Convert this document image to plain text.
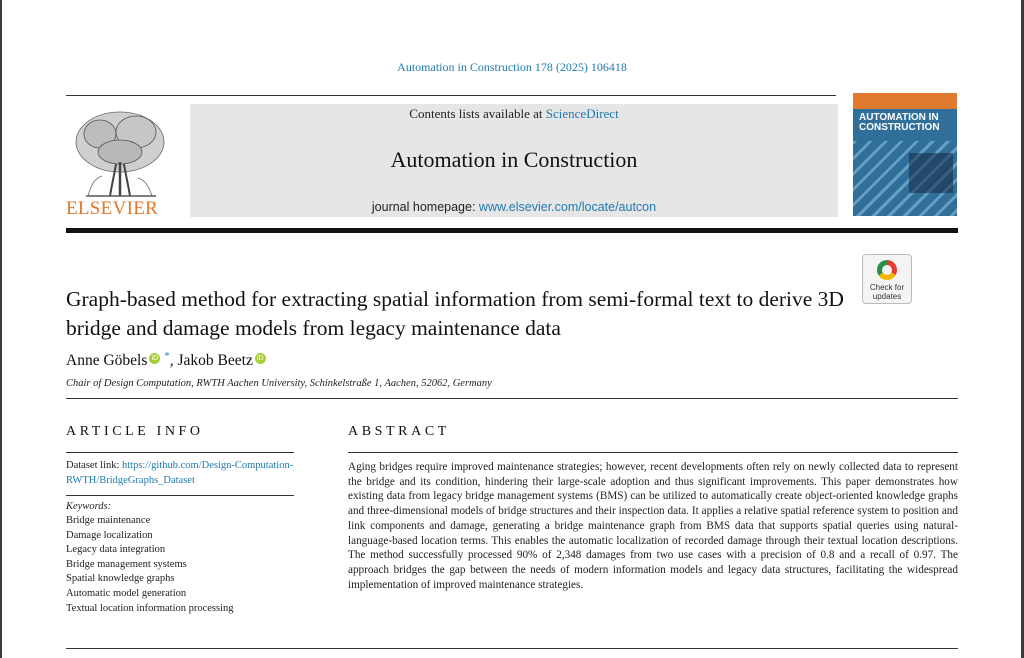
Automation in Construction 178 (2025) 106418
ELSEVIER
Contents lists available at ScienceDirect
Automation in Construction
journal homepage: www.elsevier.com/locate/autcon
AUTOMATION IN
CONSTRUCTION
Check for
updates
Graph-based method for extracting spatial information from semi-formal text to derive 3D bridge and damage models from legacy maintenance data
Anne Göbels iD *, Jakob Beetz iD
Chair of Design Computation, RWTH Aachen University, Schinkelstraße 1, Aachen, 52062, Germany
ARTICLE INFO	ABSTRACT
Dataset link: https://github.com/Design-Computation-RWTH/BridgeGraphs_Dataset
Keywords:
Bridge maintenance
Damage localization
Legacy data integration
Bridge management systems
Spatial knowledge graphs
Automatic model generation
Textual location information processing

Aging bridges require improved maintenance strategies; however, recent developments often rely on newly collected data to represent the bridge and its condition, hindering their large-scale adoption and thus significant improvements. This paper demonstrates how existing data from legacy bridge management systems (BMS) can be utilized to automatically create object-oriented knowledge graphs and three-dimensional models of bridge structures and their inspection data. It applies a relative spatial reference system to position and link components and damage, generating a bridge maintenance graph from BMS data that supports spatial queries using natural-language-based location terms. This enables the automatic localization of recorded damage through their textual location descriptions. The method successfully processed 90% of 2,348 damages from two use cases with a precision of 0.8 and a recall of 0.97. The approach bridges the gap between the needs of modern information models and legacy data structures, facilitating the widespread implementation of improved maintenance strategies.
